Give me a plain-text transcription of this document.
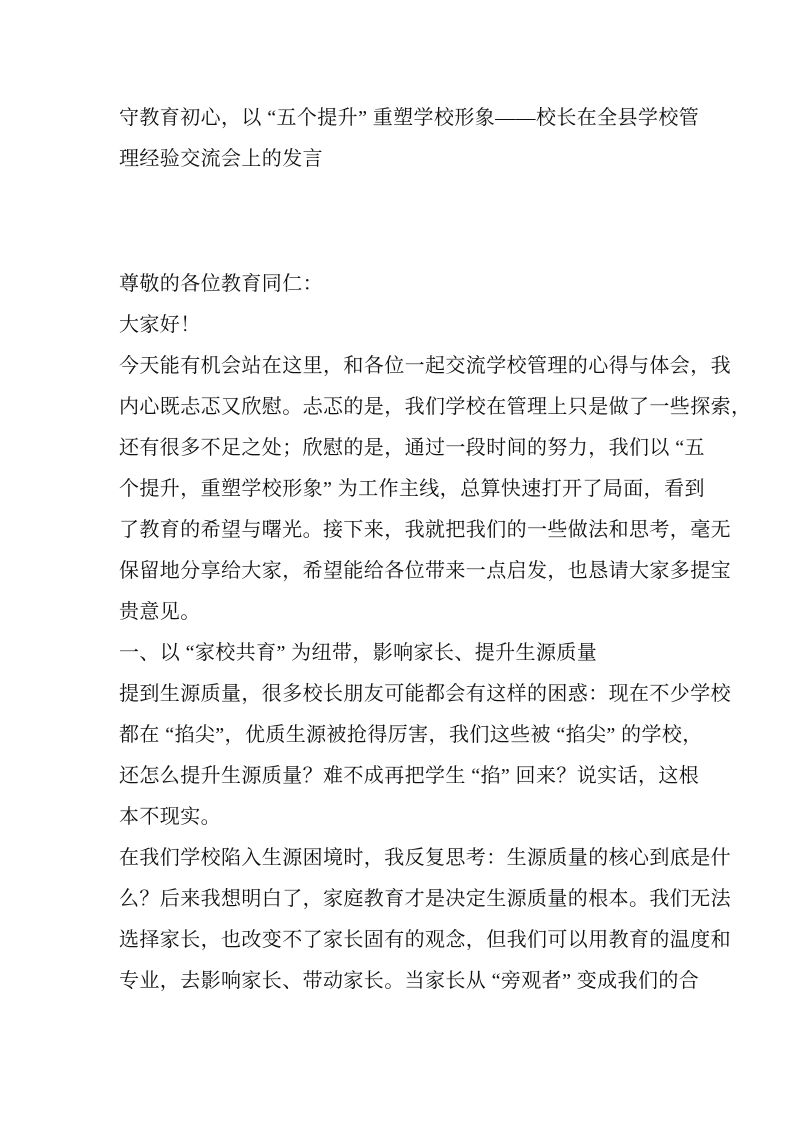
守教育初心，以 “五个提升” 重塑学校形象——校长在全县学校管
理经验交流会上的发言
尊敬的各位教育同仁：
大家好！
今天能有机会站在这里，和各位一起交流学校管理的心得与体会，我
内心既忐忑又欣慰。忐忑的是，我们学校在管理上只是做了一些探索，
还有很多不足之处；欣慰的是，通过一段时间的努力，我们以 “五
个提升，重塑学校形象” 为工作主线，总算快速打开了局面，看到
了教育的希望与曙光。接下来，我就把我们的一些做法和思考，毫无
保留地分享给大家，希望能给各位带来一点启发，也恳请大家多提宝
贵意见。
一、以 “家校共育” 为纽带，影响家长、提升生源质量
提到生源质量，很多校长朋友可能都会有这样的困惑：现在不少学校
都在 “掐尖”，优质生源被抢得厉害，我们这些被 “掐尖” 的学校，
还怎么提升生源质量？难不成再把学生 “掐” 回来？说实话，这根
本不现实。
在我们学校陷入生源困境时，我反复思考：生源质量的核心到底是什
么？后来我想明白了，家庭教育才是决定生源质量的根本。我们无法
选择家长，也改变不了家长固有的观念，但我们可以用教育的温度和
专业，去影响家长、带动家长。当家长从 “旁观者” 变成我们的合
